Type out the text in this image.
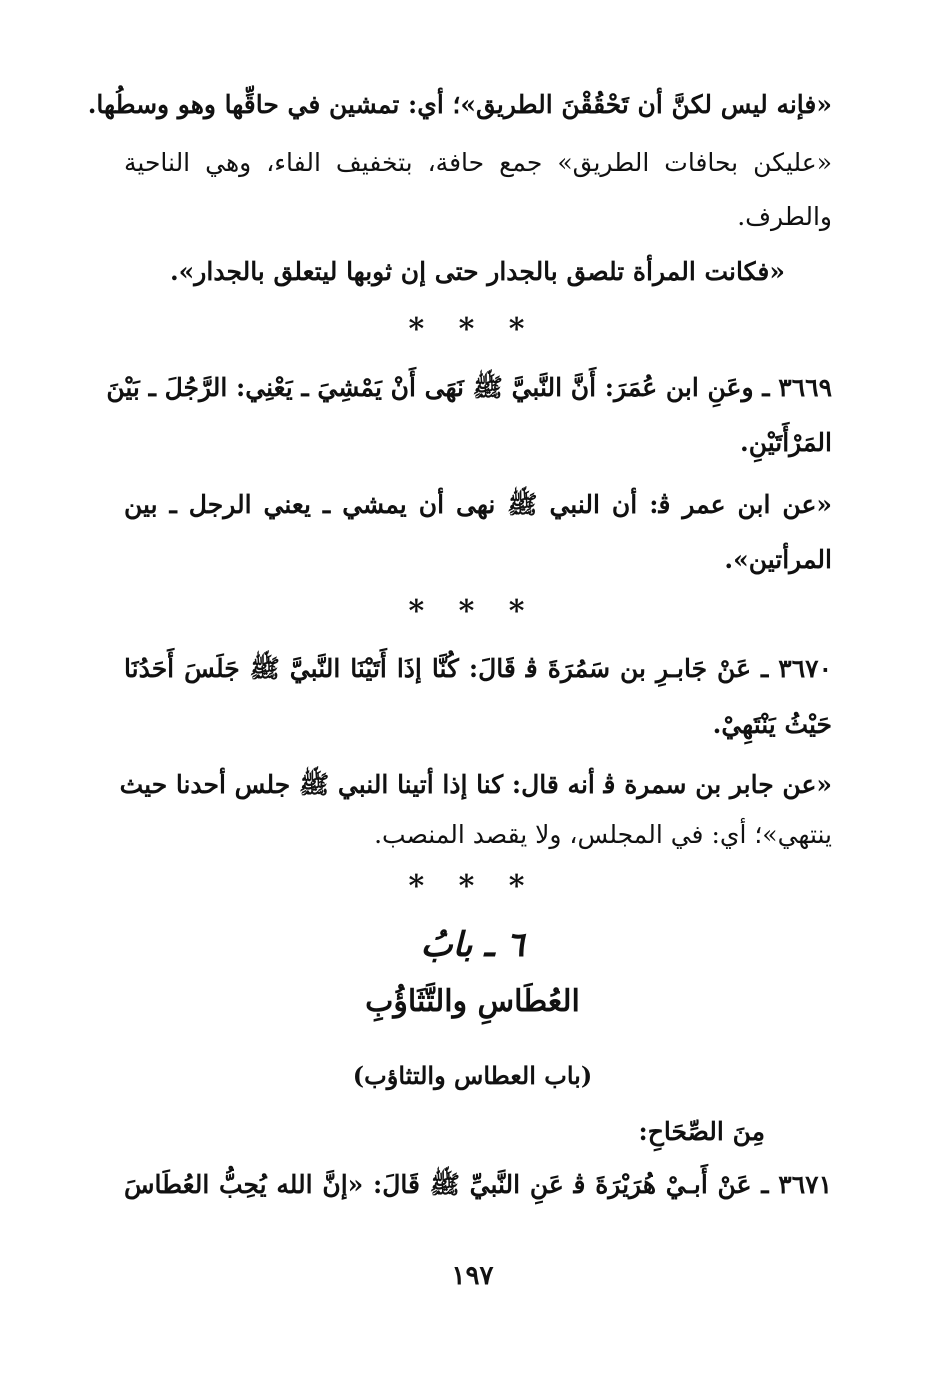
«فإنه ليس لكنَّ أن تَحْقُقْنَ الطريق»؛ أي: تمشين في حاقِّها وهو وسطُها.
«عليكن بحافات الطريق» جمع حافة، بتخفيف الفاء، وهي الناحية
والطرف.
«فكانت المرأة تلصق بالجدار حتى إن ثوبها ليتعلق بالجدار».
* * *
٣٦٦٩ ـ وعَنِ ابن عُمَرَ: أَنَّ النَّبيَّ ﷺ نَهَى أَنْ يَمْشِيَ ـ يَعْنِي: الرَّجُلَ ـ بَيْنَ
المَرْأَتَيْنِ.
«عن ابن عمر ﭬ: أن النبي ﷺ نهى أن يمشي ـ يعني الرجل ـ بين
المرأتين».
* * *
٣٦٧٠ ـ عَنْ جَابـرِ بن سَمُرَةَ ﭬ قَالَ: كُنَّا إذَا أَتَيْنَا النَّبيَّ ﷺ جَلَسَ أَحَدُنَا
حَيْثُ يَنْتَهِيْ.
«عن جابر بن سمرة ﭬ أنه قال: كنا إذا أتينا النبي ﷺ جلس أحدنا حيث
ينتهي»؛ أي: في المجلس، ولا يقصد المنصب.
* * *
٦ ـ بابُ
العُطَاسِ والتَّثَاؤُبِ
(باب العطاس والتثاؤب)
مِنَ الصِّحَاحِ:
٣٦٧١ ـ عَنْ أَبـيْ هُرَيْرَةَ ﭬ عَنِ النَّبيِّ ﷺ قَالَ: «إنَّ الله يُحِبُّ العُطَاسَ
١٩٧
